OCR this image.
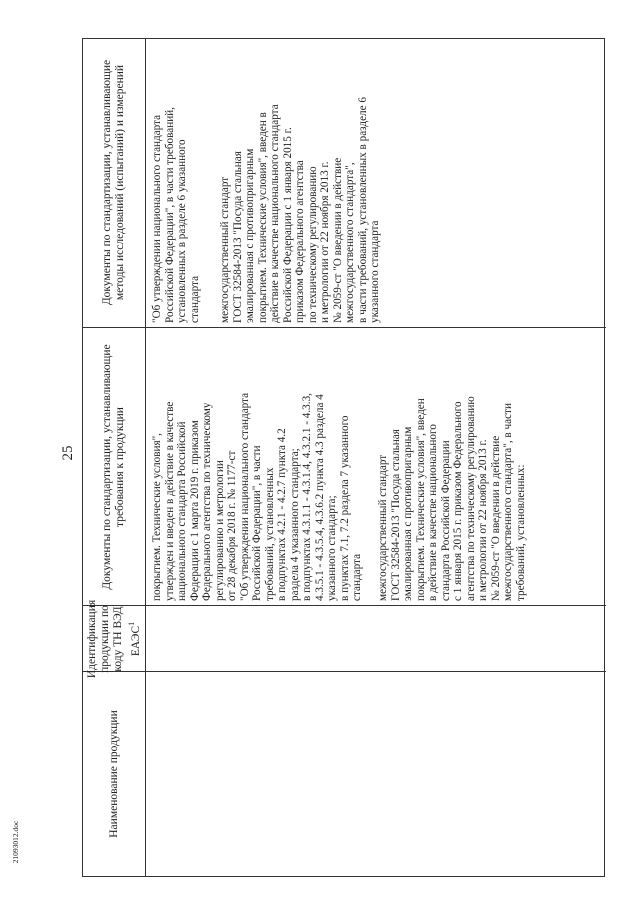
25
21093012.doc
Наименование продукции
Идентификация продукции по коду ТН ВЭД ЕАЭС$^1$
Документы по стандартизации, устанавливающие требования к продукции
Документы по стандартизации, устанавливающие методы исследований (испытаний) и измерений
покрытием. Технические условия",
утвержден и введен в действие в качестве
национального стандарта Российской
Федерации с 1 марта 2019 г. приказом
Федерального агентства по техническому
регулированию и метрологии
от 28 декабря 2018 г. № 1177-ст
"Об утверждении национального стандарта
Российской Федерации", в части
требований, установленных
в подпунктах 4.2.1 - 4.2.7 пункта 4.2
раздела 4 указанного стандарта;
в подпунктах 4.3.1.1 - 4.3.1.4, 4.3.2.1 - 4.3.3,
4.3.5.1 - 4.3.5.4, 4.3.6.2 пункта 4.3 раздела 4
указанного стандарта;
в пунктах 7.1, 7.2 раздела 7 указанного
стандарта
"Об утверждении национального стандарта
Российской Федерации", в части требований,
установленных в разделе 6 указанного
стандарта межгосударственный стандарт
ГОСТ 32584-2013 "Посуда стальная
эмалированная с противопригарным
покрытием. Технические условия", введен в
действие в качестве национального стандарта
Российской Федерации с 1 января 2015 г.
приказом Федерального агентства
по техническому регулированию
и метрологии от 22 ноября 2013 г.
№ 2059-ст "О введении в действие
межгосударственного стандарта",
в части требований, установленных в разделе 6
указанного стандарта
межгосударственный стандарт
ГОСТ 32584-2013 "Посуда стальная
эмалированная с противопригарным
покрытием. Технические условия", введен
в действие в качестве национального
стандарта Российской Федерации
с 1 января 2015 г. приказом Федерального
агентства по техническому регулированию
и метрологии от 22 ноября 2013 г.
№ 2059-ст "О введении в действие
межгосударственного стандарта", в части
требований, установленных:
